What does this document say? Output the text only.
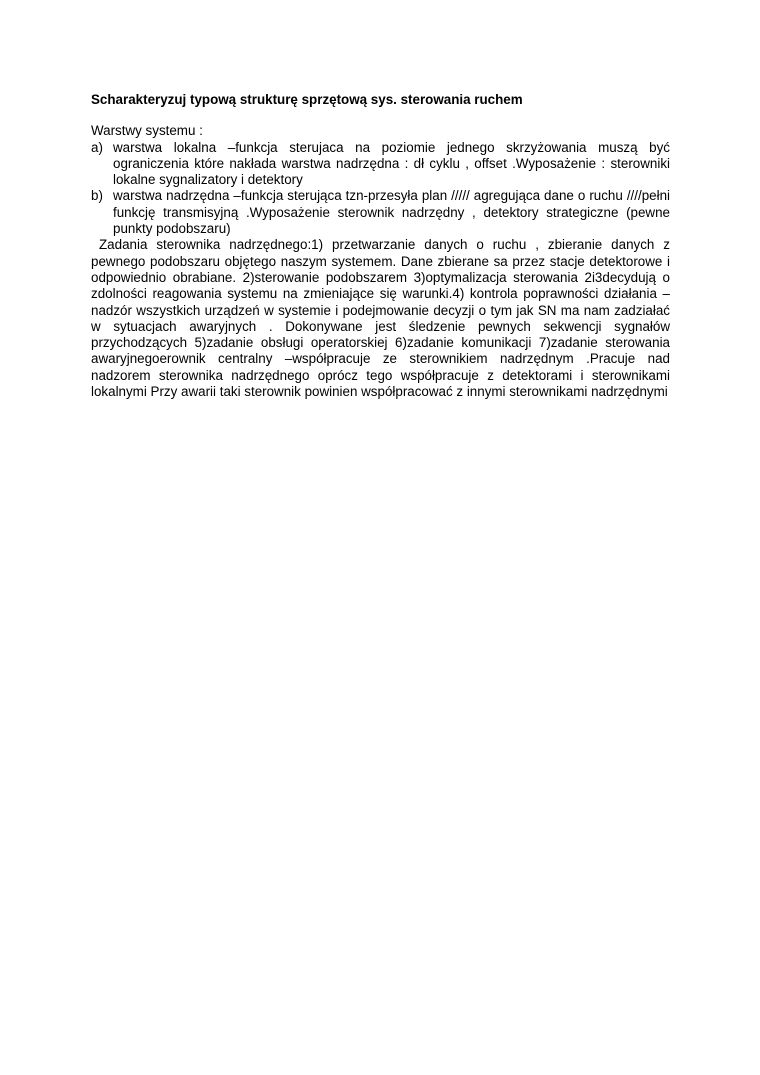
Scharakteryzuj typową strukturę sprzętową sys. sterowania ruchem

Warstwy systemu :

a) warstwa lokalna –funkcja sterujaca na poziomie jednego skrzyżowania muszą być ograniczenia które nakłada warstwa nadrzędna : dł cyklu , offset .Wyposażenie : sterowniki lokalne sygnalizatory i detektory
b) warstwa nadrzędna –funkcja sterująca tzn-przesyła plan ///// agregująca dane o ruchu ////pełni funkcję transmisyjną .Wyposażenie sterownik nadrzędny , detektory strategiczne (pewne punkty podobszaru)

Zadania sterownika nadrzędnego:1) przetwarzanie danych o ruchu , zbieranie danych z pewnego podobszaru objętego naszym systemem. Dane zbierane sa przez stacje detektorowe i odpowiednio obrabiane. 2)sterowanie podobszarem 3)optymalizacja sterowania 2i3decydują o zdolności reagowania systemu na zmieniające się warunki.4) kontrola poprawności działania –nadzór wszystkich urządzeń w systemie i podejmowanie decyzji o tym jak SN ma nam zadziałać w sytuacjach awaryjnych . Dokonywane jest śledzenie pewnych sekwencji sygnałów przychodzących 5)zadanie obsługi operatorskiej 6)zadanie komunikacji 7)zadanie sterowania awaryjnegoerownik centralny –współpracuje ze sterownikiem nadrzędnym .Pracuje nad nadzorem sterownika nadrzędnego oprócz tego współpracuje z detektorami i sterownikami lokalnymi Przy awarii taki sterownik powinien współpracować z innymi sterownikami nadrzędnymi
